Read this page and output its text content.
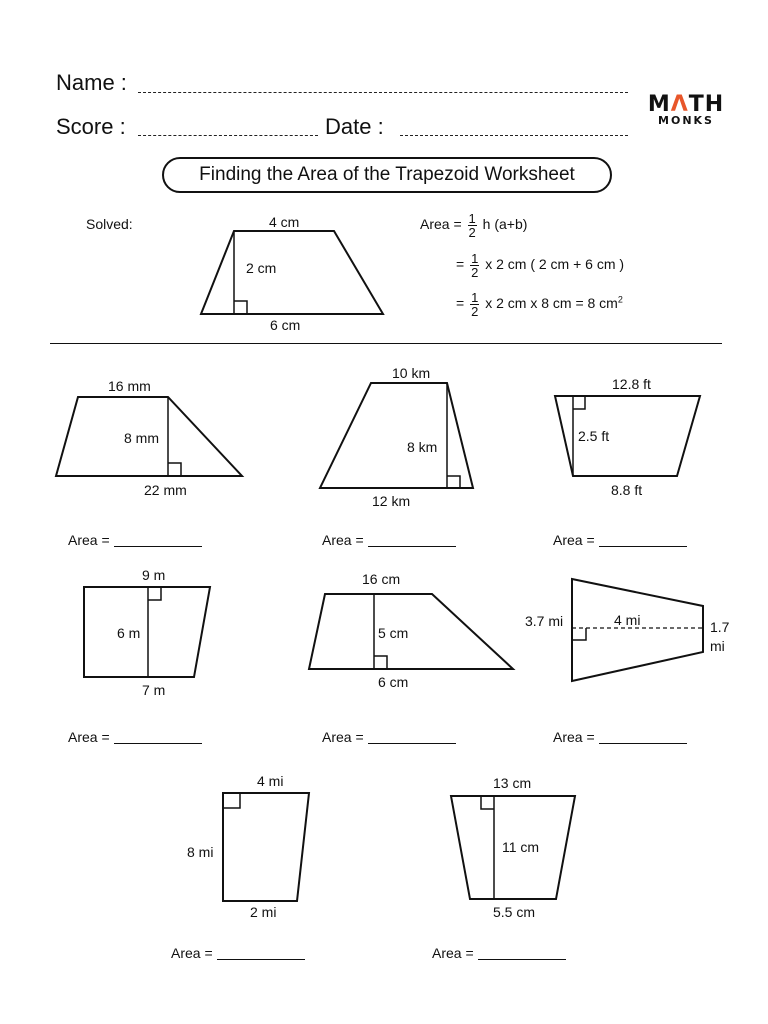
Name :
Score :	Date :
MΛTH
MONKS
Finding the Area of the Trapezoid Worksheet
Solved:	4 cm
2 cm
6 cm
Area = $\frac{1}{2}$ h (a+b)
= $\frac{1}{2}$ x 2 cm ( 2 cm + 6 cm )
= $\frac{1}{2}$ x 2 cm x 8 cm = 8 $cm^2$
16 mm
8 mm
22 mm
10 km
8 km
12 km
12.8 ft
2.5 ft
8.8 ft
9 m
6 m
7 m
16 cm
5 cm
6 cm
3.7 mi	4 mi	1.7
mi
4 mi
8 mi
2 mi
13 cm
11 cm
5.5 cm
Area =	Area =	Area =
Area =	Area =	Area =
Area =	Area =
